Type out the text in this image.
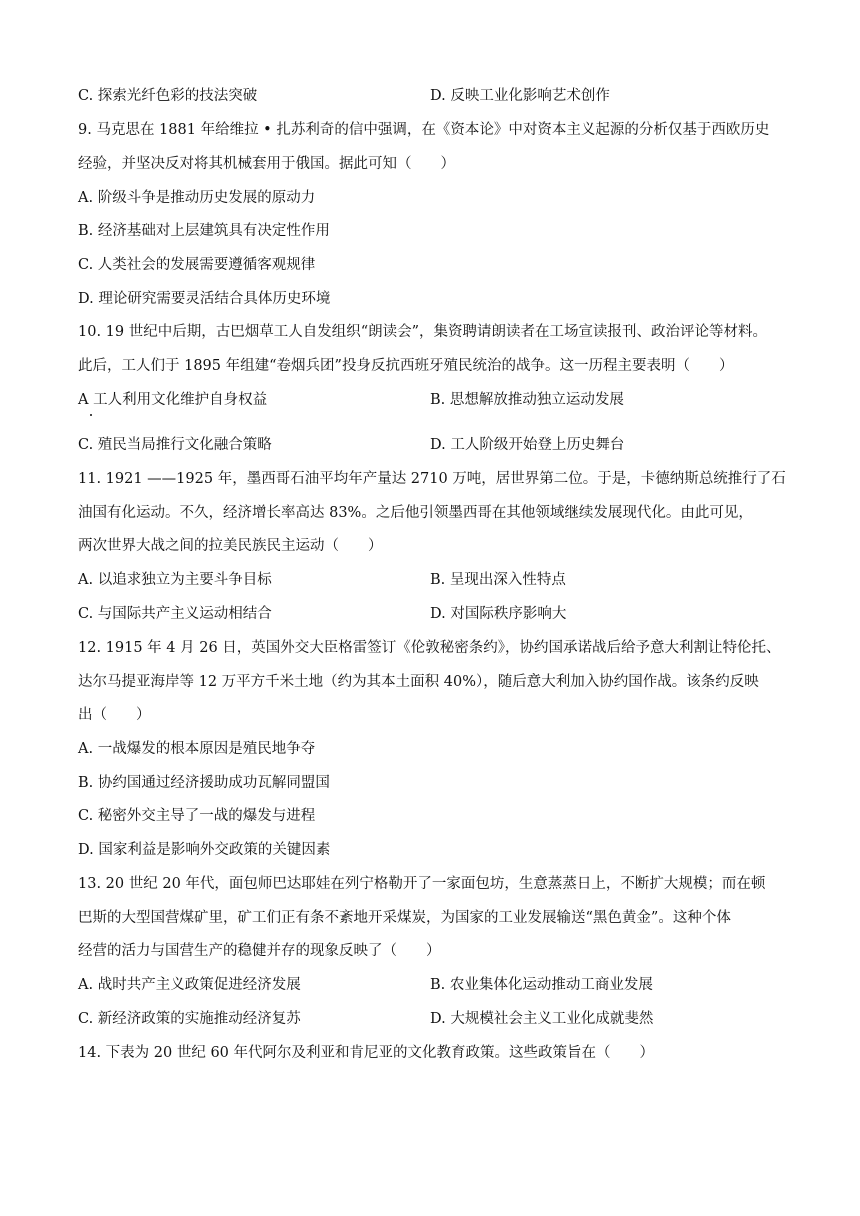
C. 探索光纤色彩的技法突破	D. 反映工业化影响艺术创作
9. 马克思在 1881 年给维拉 • 扎苏利奇的信中强调，在《资本论》中对资本主义起源的分析仅基于西欧历史
经验，并坚决反对将其机械套用于俄国。据此可知（　　）
A. 阶级斗争是推动历史发展的原动力
B. 经济基础对上层建筑具有决定性作用
C. 人类社会的发展需要遵循客观规律
D. 理论研究需要灵活结合具体历史环境
10. 19 世纪中后期，古巴烟草工人自发组织“朗读会”，集资聘请朗读者在工场宣读报刊、政治评论等材料。
此后，工人们于 1895 年组建“卷烟兵团”投身反抗西班牙殖民统治的战争。这一历程主要表明（　　）
A 工人利用文化维护自身权益	B. 思想解放推动独立运动发展
C. 殖民当局推行文化融合策略	D. 工人阶级开始登上历史舞台
11. 1921 ——1925 年，墨西哥石油平均年产量达 2710 万吨，居世界第二位。于是，卡德纳斯总统推行了石
油国有化运动。不久，经济增长率高达 83%。之后他引领墨西哥在其他领域继续发展现代化。由此可见，
两次世界大战之间的拉美民族民主运动（　　）
A. 以追求独立为主要斗争目标	B. 呈现出深入性特点
C. 与国际共产主义运动相结合	D. 对国际秩序影响大
12. 1915 年 4 月 26 日，英国外交大臣格雷签订《伦敦秘密条约》，协约国承诺战后给予意大利割让特伦托、
达尔马提亚海岸等 12 万平方千米土地（约为其本土面积 40%），随后意大利加入协约国作战。该条约反映
出（　　）
A. 一战爆发的根本原因是殖民地争夺
B. 协约国通过经济援助成功瓦解同盟国
C. 秘密外交主导了一战的爆发与进程
D. 国家利益是影响外交政策的关键因素
13. 20 世纪 20 年代，面包师巴达耶娃在列宁格勒开了一家面包坊，生意蒸蒸日上，不断扩大规模；而在顿
巴斯的大型国营煤矿里，矿工们正有条不紊地开采煤炭，为国家的工业发展输送“黑色黄金”。这种个体
经营的活力与国营生产的稳健并存的现象反映了（　　）
A. 战时共产主义政策促进经济发展	B. 农业集体化运动推动工商业发展
C. 新经济政策的实施推动经济复苏	D. 大规模社会主义工业化成就斐然
14. 下表为 20 世纪 60 年代阿尔及利亚和肯尼亚的文化教育政策。这些政策旨在（　　）
